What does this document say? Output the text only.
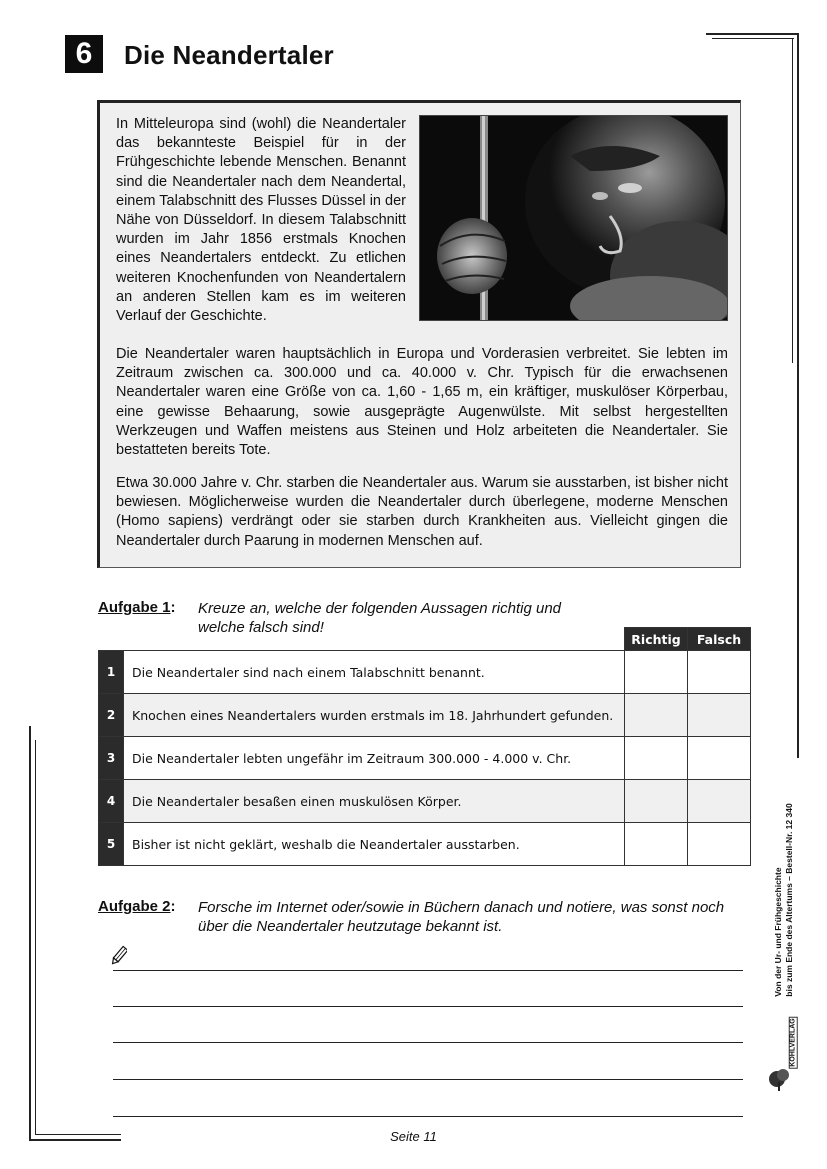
6	Die Neandertaler
In Mitteleuropa sind (wohl) die Neandertaler das bekannteste Beispiel für in der Frühgeschichte lebende Menschen. Benannt sind die Neandertaler nach dem Neandertal, einem Talabschnitt des Flusses Düssel in der Nähe von Düsseldorf. In diesem Talabschnitt wurden im Jahr 1856 erstmals Knochen eines Neandertalers entdeckt. Zu etlichen weiteren Knochenfunden von Neandertalern an anderen Stellen kam es im weiteren Verlauf der Geschichte.
Die Neandertaler waren hauptsächlich in Europa und Vorderasien verbreitet. Sie lebten im Zeitraum zwischen ca. 300.000 und ca. 40.000 v. Chr. Typisch für die erwachsenen Neandertaler waren eine Größe von ca. 1,60 - 1,65 m, ein kräftiger, muskulöser Körperbau, eine gewisse Behaarung, sowie ausgeprägte Augenwülste. Mit selbst hergestellten Werkzeugen und Waffen meistens aus Steinen und Holz arbeiteten die Neandertaler. Sie bestatteten bereits Tote.
Etwa 30.000 Jahre v. Chr. starben die Neandertaler aus. Warum sie ausstarben, ist bisher nicht bewiesen. Möglicherweise wurden die Neandertaler durch überlegene, moderne Menschen (Homo sapiens) verdrängt oder sie starben durch Krankheiten aus. Vielleicht gingen die Neandertaler durch Paarung in modernen Menschen auf.
Aufgabe 1: Kreuze an, welche der folgenden Aussagen richtig und welche falsch sind!
		Richtig	Falsch
1	Die Neandertaler sind nach einem Talabschnitt benannt.		
2	Knochen eines Neandertalers wurden erstmals im 18. Jahrhundert gefunden.		
3	Die Neandertaler lebten ungefähr im Zeitraum 300.000 - 4.000 v. Chr.		
4	Die Neandertaler besaßen einen muskulösen Körper.		
5	Bisher ist nicht geklärt, weshalb die Neandertaler ausstarben.		
Aufgabe 2: Forsche im Internet oder/sowie in Büchern danach und notiere, was sonst noch über die Neandertaler heutzutage bekannt ist.	Von der Ur- und Frühgeschichte bis zum Ende des Altertums – Bestell-Nr. 12 340
KOHLVERLAG
Seite 11
